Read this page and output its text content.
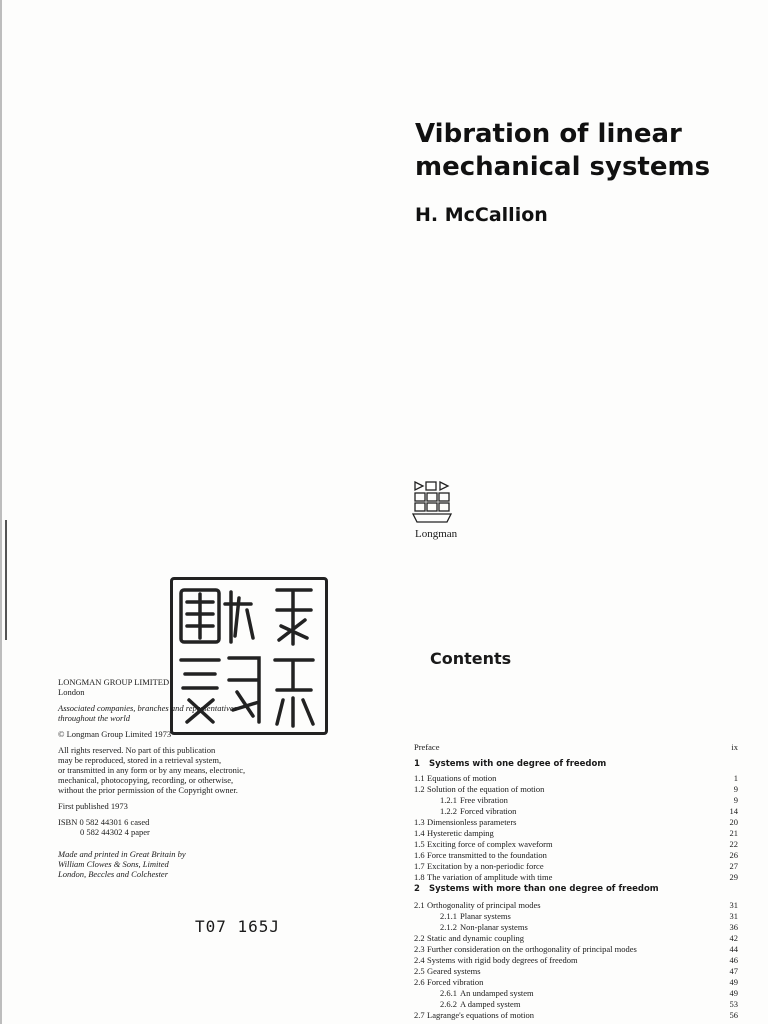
Vibration of linear
mechanical systems
H. McCallion
Longman
LONGMAN GROUP LIMITED
London
Associated companies, branches and representatives
throughout the world
© Longman Group Limited 1973
All rights reserved. No part of this publication
may be reproduced, stored in a retrieval system,
or transmitted in any form or by any means, electronic,
mechanical, photocopying, recording, or otherwise,
without the prior permission of the Copyright owner.
First published 1973
ISBN 0 582 44301 6 cased
0 582 44302 4 paper
Made and printed in Great Britain by
William Clowes & Sons, Limited
London, Beccles and Colchester
T07 165J
Contents
Preface	ix
1 Systems with one degree of freedom
1.1 Equations of motion	1
1.2 Solution of the equation of motion	9
1.2.1 Free vibration	9
1.2.2 Forced vibration	14
1.3 Dimensionless parameters	20
1.4 Hysteretic damping	21
1.5 Exciting force of complex waveform	22
1.6 Force transmitted to the foundation	26
1.7 Excitation by a non-periodic force	27
1.8 The variation of amplitude with time	29
2 Systems with more than one degree of freedom
2.1 Orthogonality of principal modes	31
2.1.1 Planar systems	31
2.1.2 Non-planar systems	36
2.2 Static and dynamic coupling	42
2.3 Further consideration on the orthogonality of principal modes	44
2.4 Systems with rigid body degrees of freedom	46
2.5 Geared systems	47
2.6 Forced vibration	49
2.6.1 An undamped system	49
2.6.2 A damped system	53
2.7 Lagrange's equations of motion	56
